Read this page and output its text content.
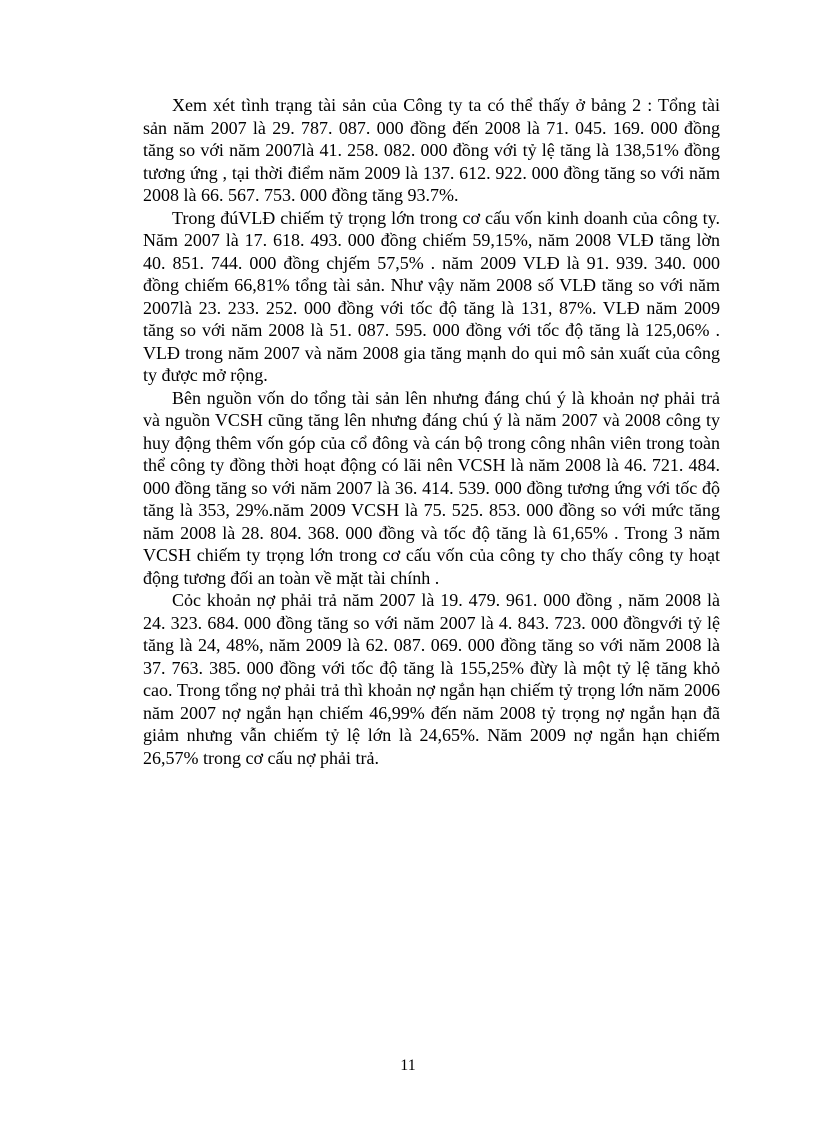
Xem xét tình trạng tài sản của Công ty ta có thể thấy ở bảng 2 : Tổng tài sản năm 2007 là 29. 787. 087. 000 đồng đến 2008 là 71. 045. 169. 000 đồng tăng so với năm 2007là 41. 258. 082. 000 đồng với tỷ lệ tăng là 138,51% đồng tương ứng , tại thời điểm năm 2009 là 137. 612. 922. 000 đồng tăng so với năm 2008 là 66. 567. 753. 000 đồng tăng 93.7%.

Trong đúVLĐ chiếm tỷ trọng lớn trong cơ cấu vốn kinh doanh của công ty. Năm 2007 là 17. 618. 493. 000 đồng chiếm 59,15%, năm 2008 VLĐ tăng lờn 40. 851. 744. 000 đồng chjếm 57,5% . năm 2009 VLĐ là 91. 939. 340. 000 đồng chiếm 66,81% tổng tài sản. Như vậy năm 2008 số VLĐ tăng so với năm 2007là 23. 233. 252. 000 đồng với tốc độ tăng là 131, 87%. VLĐ năm 2009 tăng so với năm 2008 là 51. 087. 595. 000 đồng với tốc độ tăng là 125,06% . VLĐ trong năm 2007 và năm 2008 gia tăng mạnh do qui mô sản xuất của công ty được mở rộng.

Bên nguồn vốn do tổng tài sản lên nhưng đáng chú ý là khoản nợ phải trả và nguồn VCSH cũng tăng lên nhưng đáng chú ý là năm 2007 và 2008 công ty huy động thêm vốn góp của cổ đông và cán bộ trong công nhân viên trong toàn thể công ty đồng thời hoạt động có lãi nên VCSH là năm 2008 là 46. 721. 484. 000 đồng tăng so với năm 2007 là 36. 414. 539. 000 đồng tương ứng với tốc độ tăng là 353, 29%.năm 2009 VCSH là 75. 525. 853. 000 đồng so với mức tăng năm 2008 là 28. 804. 368. 000 đồng và tốc độ tăng là 61,65% . Trong 3 năm VCSH chiếm ty trọng lớn trong cơ cấu vốn của công ty cho thấy công ty hoạt động tương đối an toàn về mặt tài chính .

Cỏc khoản nợ phải trả năm 2007 là 19. 479. 961. 000 đồng , năm 2008 là 24. 323. 684. 000 đồng tăng so với năm 2007 là 4. 843. 723. 000 đồngvới tỷ lệ tăng là 24, 48%, năm 2009 là 62. 087. 069. 000 đồng tăng so với năm 2008 là 37. 763. 385. 000 đồng với tốc độ tăng là 155,25% đừy là một tỷ lệ tăng khỏ cao. Trong tổng nợ phải trả thì khoản nợ ngắn hạn chiếm tỷ trọng lớn năm 2006 năm 2007 nợ ngắn hạn chiếm 46,99% đến năm 2008 tỷ trọng nợ ngắn hạn đã giảm nhưng vẫn chiếm tỷ lệ lớn là 24,65%. Năm 2009 nợ ngắn hạn chiếm 26,57% trong cơ cấu nợ phải trả.

11
